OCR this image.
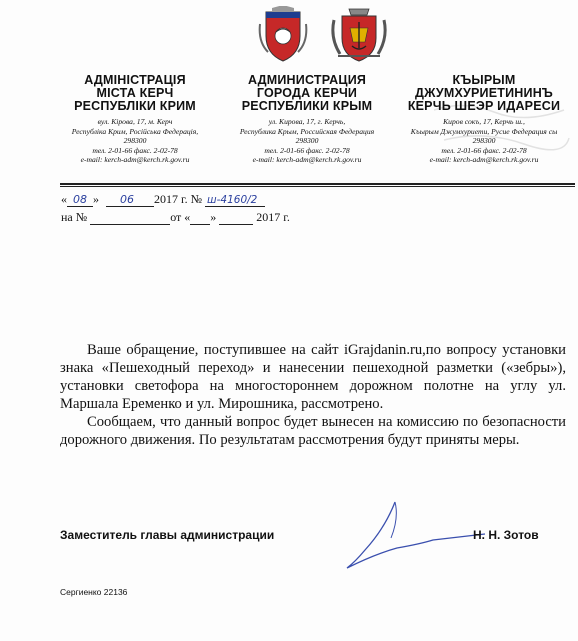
АДМІНІСТРАЦІЯ
МІСТА КЕРЧ
РЕСПУБЛІКИ КРИМ
вул. Кірова, 17, м. Керч
Республіка Крим, Російська Федерація,
298300
тел. 2-01-66 факс. 2-02-78
e-mail: kerch-adm@kerch.rk.gov.ru
АДМИНИСТРАЦИЯ
ГОРОДА КЕРЧИ
РЕСПУБЛИКИ КРЫМ
ул. Кирова, 17, г. Керчь,
Республика Крым, Российская Федерация
298300
тел. 2-01-66 факс. 2-02-78
e-mail: kerch-adm@kerch.rk.gov.ru
КЪЫРЫМ
ДЖУМХУРИЕТИНИНЪ
КЕРЧЬ ШЕЭР ИДАРЕСИ
Киров сокъ, 17, Керчь ш.,
Къырым Джумхуриети, Русие Федерация сы
298300
тел. 2-01-66 факс. 2-02-78
e-mail: kerch-adm@kerch.rk.gov.ru
« 08 » 06 2017 г. № ш-4160/2
на №	от « »	2017 г.

Ваше обращение, поступившее на сайт iGrajdanin.ru,по вопросу установки знака «Пешеходный переход» и нанесении пешеходной разметки («зебры»), установки светофора на многостороннем дорожном полотне на углу ул. Маршала Еременко и ул. Мирошника, рассмотрено.

Сообщаем, что данный вопрос будет вынесен на комиссию по безопасности дорожного движения. По результатам рассмотрения будут приняты меры.

Заместитель главы администрации	Н. Н. Зотов
Сергиенко 22136
